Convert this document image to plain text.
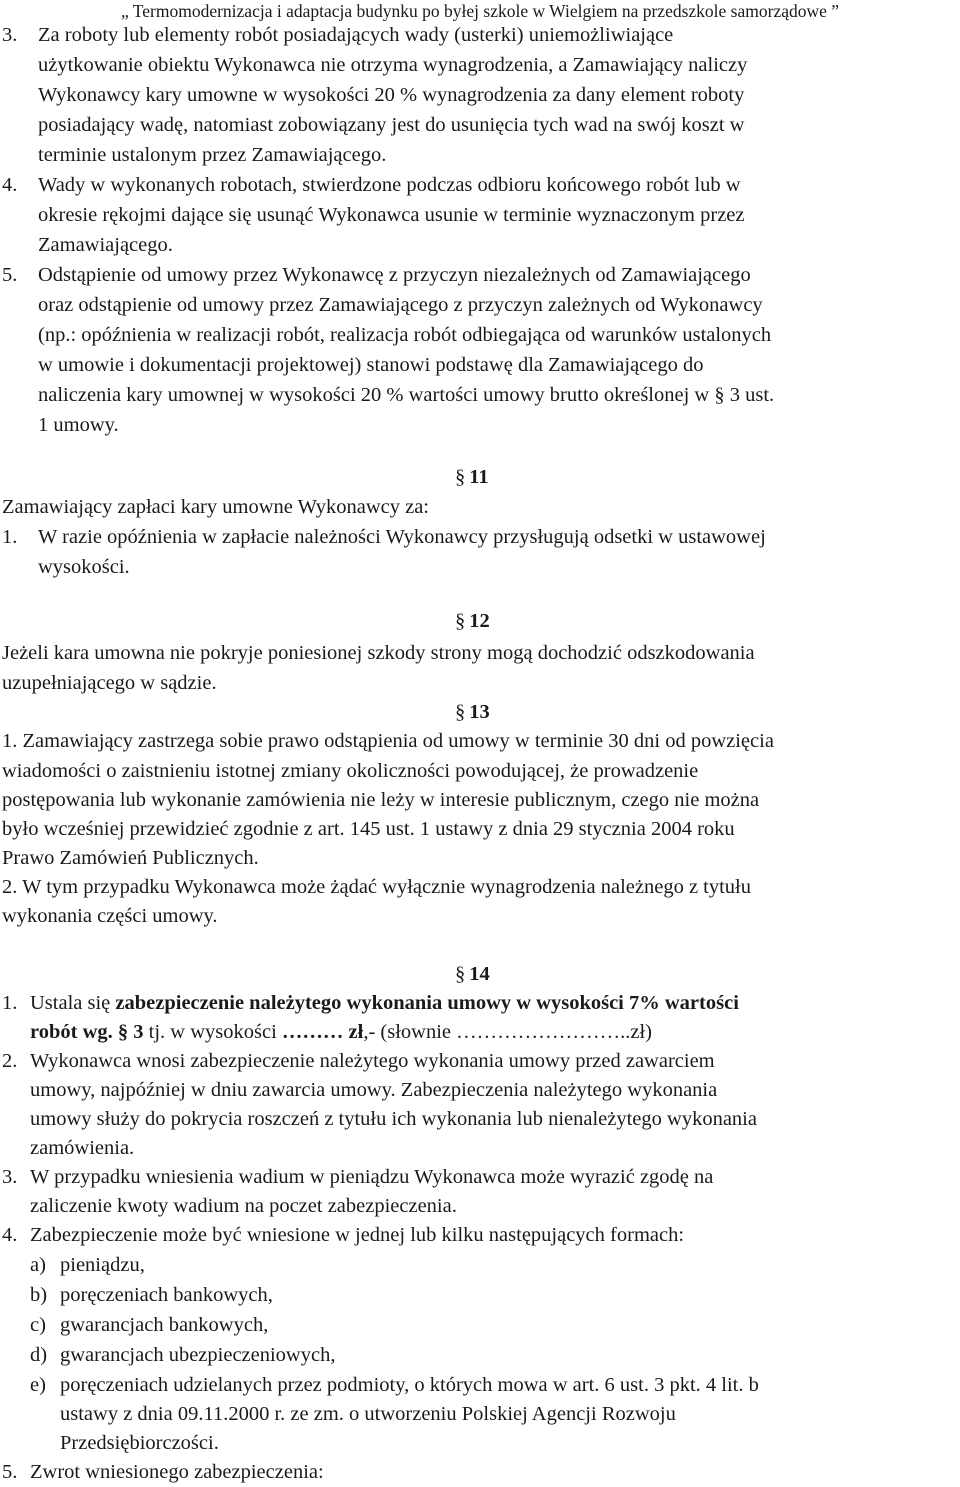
„ Termomodernizacja i adaptacja budynku po byłej szkole w Wielgiem na przedszkole samorządowe ”
3. Za roboty lub elementy robót posiadających wady (usterki) uniemożliwiające
użytkowanie obiektu Wykonawca nie otrzyma wynagrodzenia, a Zamawiający naliczy
Wykonawcy kary umowne w wysokości 20 % wynagrodzenia za dany element roboty
posiadający wadę, natomiast zobowiązany jest do usunięcia tych wad na swój koszt w
terminie ustalonym przez Zamawiającego.
4. Wady w wykonanych robotach, stwierdzone podczas odbioru końcowego robót lub w
okresie rękojmi dające się usunąć Wykonawca usunie w terminie wyznaczonym przez
Zamawiającego.
5. Odstąpienie od umowy przez Wykonawcę z przyczyn niezależnych od Zamawiającego
oraz odstąpienie od umowy przez Zamawiającego z przyczyn zależnych od Wykonawcy
(np.: opóźnienia w realizacji robót, realizacja robót odbiegająca od warunków ustalonych
w umowie i dokumentacji projektowej) stanowi podstawę dla Zamawiającego do
naliczenia kary umownej w wysokości 20 % wartości umowy brutto określonej w § 3 ust.
1 umowy.
§ 11
Zamawiający zapłaci kary umowne Wykonawcy za:
1. W razie opóźnienia w zapłacie należności Wykonawcy przysługują odsetki w ustawowej
wysokości.
§ 12
Jeżeli kara umowna nie pokryje poniesionej szkody strony mogą dochodzić odszkodowania
uzupełniającego w sądzie.
§ 13
1. Zamawiający zastrzega sobie prawo odstąpienia od umowy w terminie 30 dni od powzięcia
wiadomości o zaistnieniu istotnej zmiany okoliczności powodującej, że prowadzenie
postępowania lub wykonanie zamówienia nie leży w interesie publicznym, czego nie można
było wcześniej przewidzieć zgodnie z art. 145 ust. 1 ustawy z dnia 29 stycznia 2004 roku
Prawo Zamówień Publicznych.
2. W tym przypadku Wykonawca może żądać wyłącznie wynagrodzenia należnego z tytułu
wykonania części umowy.
§ 14
1. Ustala się zabezpieczenie należytego wykonania umowy w wysokości 7% wartości
robót wg. § 3 tj. w wysokości ……… zł,- (słownie ……………………..zł)
2. Wykonawca wnosi zabezpieczenie należytego wykonania umowy przed zawarciem
umowy, najpóźniej w dniu zawarcia umowy. Zabezpieczenia należytego wykonania
umowy służy do pokrycia roszczeń z tytułu ich wykonania lub nienależytego wykonania
zamówienia.
3. W przypadku wniesienia wadium w pieniądzu Wykonawca może wyrazić zgodę na
zaliczenie kwoty wadium na poczet zabezpieczenia.
4. Zabezpieczenie może być wniesione w jednej lub kilku następujących formach:
a) pieniądzu,
b) poręczeniach bankowych,
c) gwarancjach bankowych,
d) gwarancjach ubezpieczeniowych,
e) poręczeniach udzielanych przez podmioty, o których mowa w art. 6 ust. 3 pkt. 4 lit. b
ustawy z dnia 09.11.2000 r. ze zm. o utworzeniu Polskiej Agencji Rozwoju
Przedsiębiorczości.
5. Zwrot wniesionego zabezpieczenia:
